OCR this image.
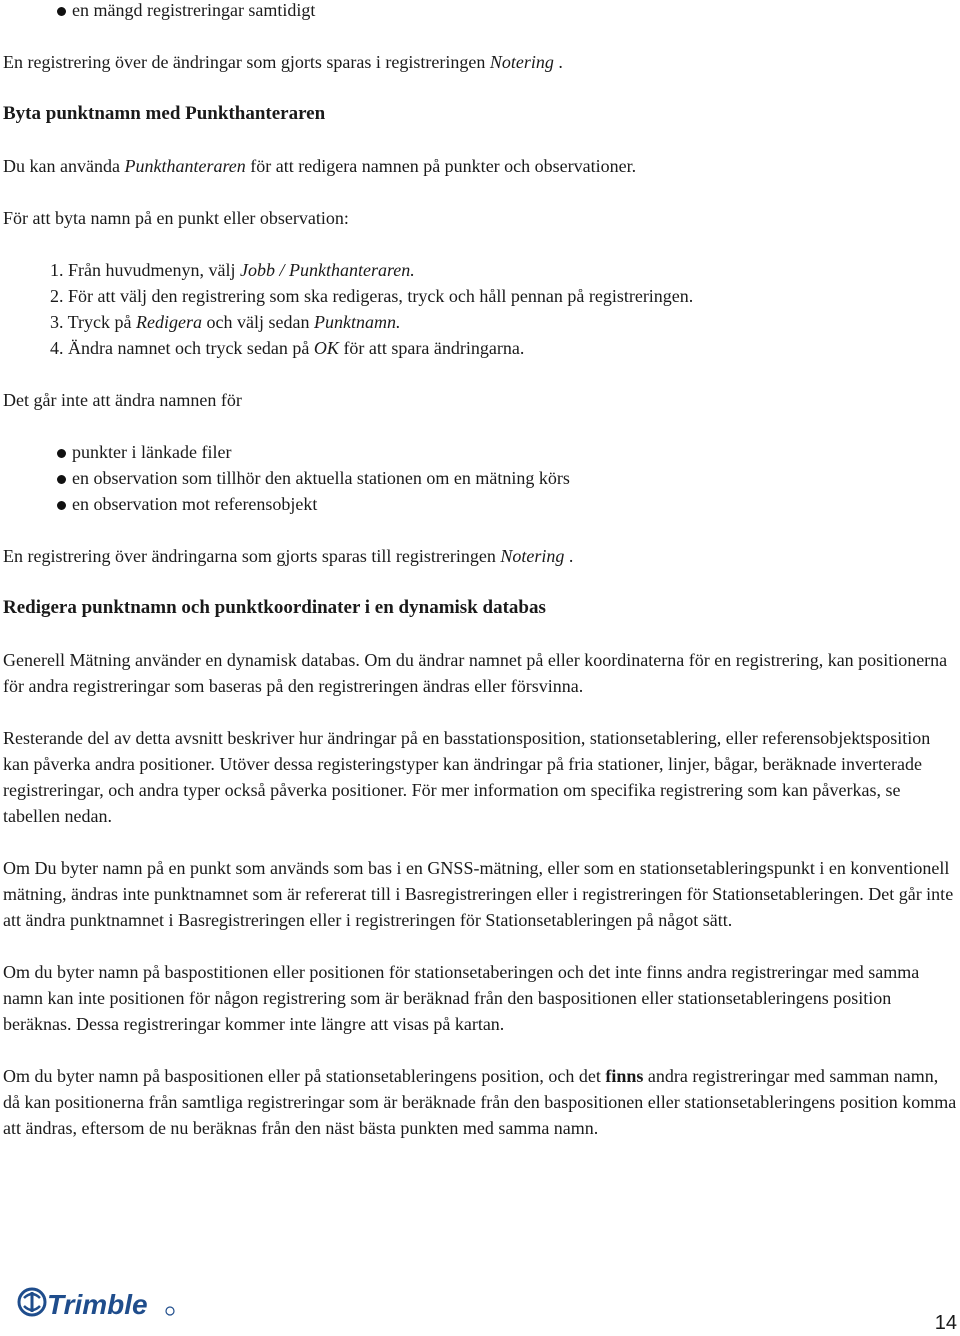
en mängd registreringar samtidigt

En registrering över de ändringar som gjorts sparas i registreringen Notering .

Byta punktnamn med Punkthanteraren

Du kan använda Punkthanteraren för att redigera namnen på punkter och observationer.

För att byta namn på en punkt eller observation:

1. Från huvudmenyn, välj Jobb / Punkthanteraren.
2. För att välj den registrering som ska redigeras, tryck och håll pennan på registreringen.
3. Tryck på Redigera och välj sedan Punktnamn.
4. Ändra namnet och tryck sedan på OK för att spara ändringarna.

Det går inte att ändra namnen för

punkter i länkade filer
en observation som tillhör den aktuella stationen om en mätning körs
en observation mot referensobjekt

En registrering över ändringarna som gjorts sparas till registreringen Notering .

Redigera punktnamn och punktkoordinater i en dynamisk databas

Generell Mätning använder en dynamisk databas. Om du ändrar namnet på eller koordinaterna för en registrering, kan positionerna för andra registreringar som baseras på den registreringen ändras eller försvinna.

Resterande del av detta avsnitt beskriver hur ändringar på en basstationsposition, stationsetablering, eller referensobjektsposition kan påverka andra positioner. Utöver dessa registeringstyper kan ändringar på fria stationer, linjer, bågar, beräknade inverterade registreringar, och andra typer också påverka positioner. För mer information om specifika registrering som kan påverkas, se tabellen nedan.

Om Du byter namn på en punkt som används som bas i en GNSS-mätning, eller som en stationsetableringspunkt i en konventionell mätning, ändras inte punktnamnet som är refererat till i Basregistreringen eller i registreringen för Stationsetableringen. Det går inte att ändra punktnamnet i Basregistreringen eller i registreringen för Stationsetableringen på något sätt.

Om du byter namn på baspostitionen eller positionen för stationsetaberingen och det inte finns andra registreringar med samma namn kan inte positionen för någon registrering som är beräknad från den baspositionen eller stationsetableringens position beräknas. Dessa registreringar kommer inte längre att visas på kartan.

Om du byter namn på baspositionen eller på stationsetableringens position, och det finns andra registreringar med samman namn, då kan positionerna från samtliga registreringar som är beräknade från den baspositionen eller stationsetableringens position komma att ändras, eftersom de nu beräknas från den näst bästa punkten med samma namn.

Trimble
14
